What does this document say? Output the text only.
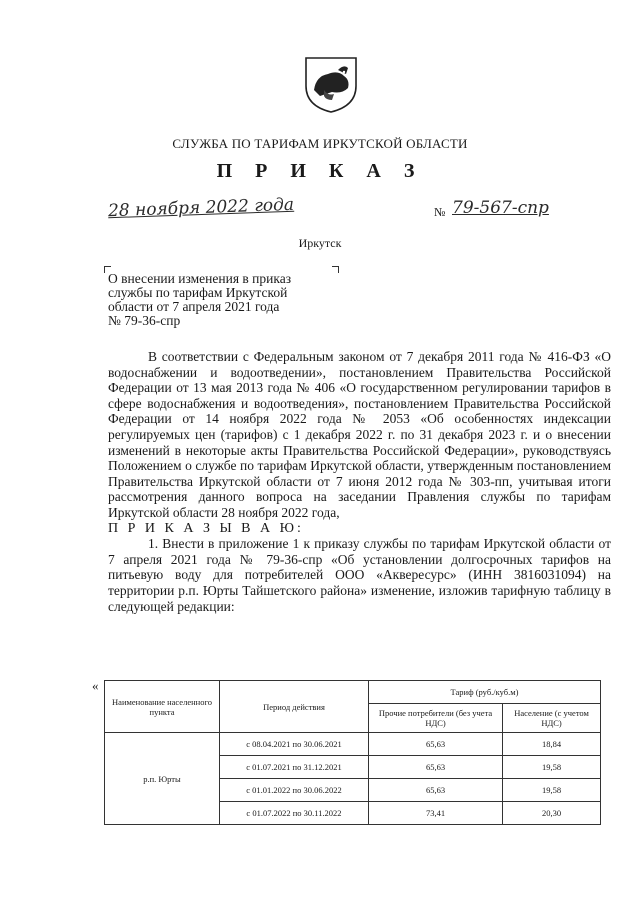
СЛУЖБА ПО ТАРИФАМ ИРКУТСКОЙ ОБЛАСТИ
П Р И К А З
28 ноября 2022 года	№ 79-567-спр
Иркутск
О внесении изменения в приказ
службы по тарифам Иркутской
области от 7 апреля 2021 года
№ 79-36-спр

В соответствии с Федеральным законом от 7 декабря 2011 года № 416-ФЗ «О водоснабжении и водоотведении», постановлением Правительства Российской Федерации от 13 мая 2013 года № 406 «О государственном регулировании тарифов в сфере водоснабжения и водоотведения», постановлением Правительства Российской Федерации от 14 ноября 2022 года № 2053 «Об особенностях индексации регулируемых цен (тарифов) с 1 декабря 2022 г. по 31 декабря 2023 г. и о внесении изменений в некоторые акты Правительства Российской Федерации», руководствуясь Положением о службе по тарифам Иркутской области, утвержденным постановлением Правительства Иркутской области от 7 июня 2012 года № 303-пп, учитывая итоги рассмотрения данного вопроса на заседании Правления службы по тарифам Иркутской области 28 ноября 2022 года,

П Р И К А З Ы В А Ю:

1. Внести в приложение 1 к приказу службы по тарифам Иркутской области от 7 апреля 2021 года № 79-36-спр «Об установлении долгосрочных тарифов на питьевую воду для потребителей ООО «Аквересурс» (ИНН 3816031094) на территории р.п. Юрты Тайшетского района» изменение, изложив тарифную таблицу в следующей редакции:

«
Наименование населенного пункта	Период действия	Тариф (руб./куб.м)	
		Прочие потребители (без учета НДС)	Население (с учетом НДС)
р.п. Юрты	с 08.04.2021 по 30.06.2021	65,63	18,84
	с 01.07.2021 по 31.12.2021	65,63	19,58
	с 01.01.2022 по 30.06.2022	65,63	19,58
	с 01.07.2022 по 30.11.2022	73,41	20,30
